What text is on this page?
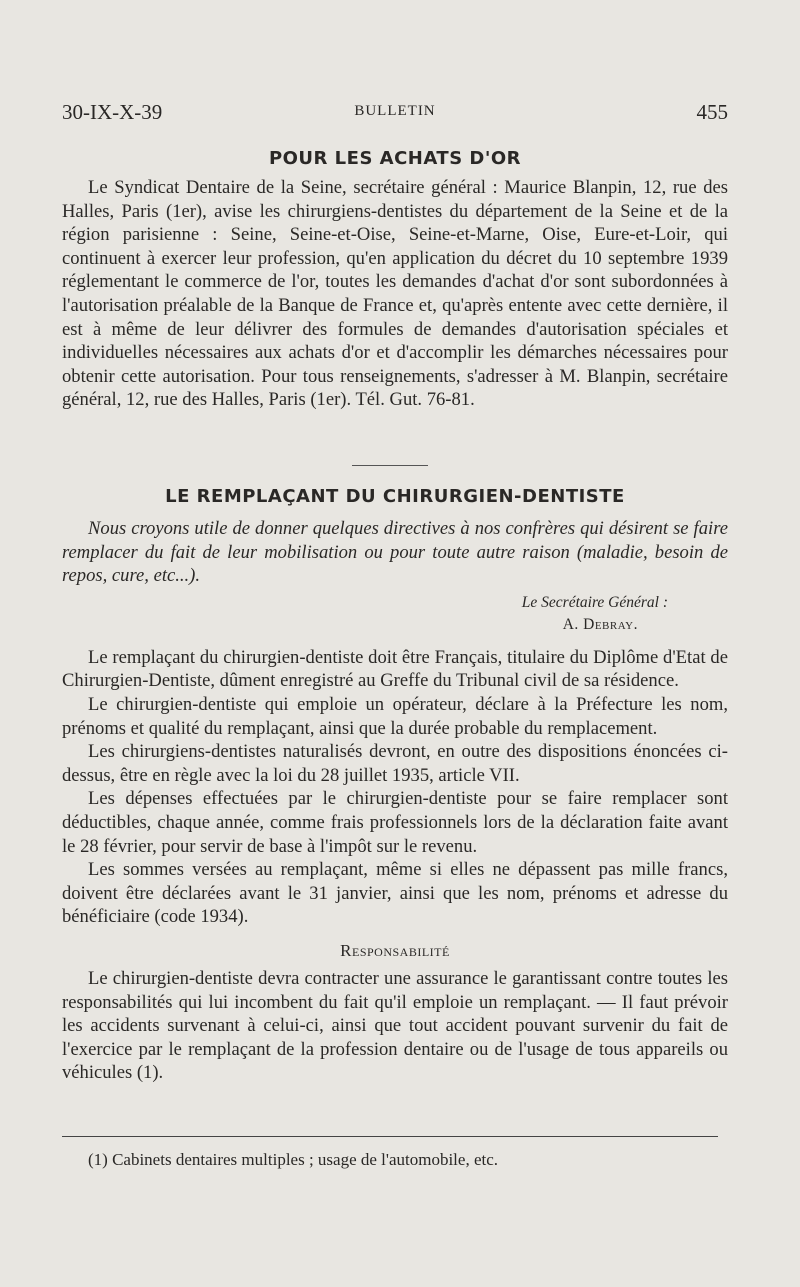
30-IX-X-39	BULLETIN	455
POUR LES ACHATS D'OR

Le Syndicat Dentaire de la Seine, secrétaire général : Maurice Blanpin, 12, rue des Halles, Paris (1er), avise les chirurgiens-dentistes du département de la Seine et de la région parisienne : Seine, Seine-et-Oise, Seine-et-Marne, Oise, Eure-et-Loir, qui continuent à exercer leur profession, qu'en application du décret du 10 septembre 1939 réglementant le commerce de l'or, toutes les demandes d'achat d'or sont subordonnées à l'autorisation préalable de la Banque de France et, qu'après entente avec cette dernière, il est à même de leur délivrer des formules de demandes d'autorisation spéciales et individuelles nécessaires aux achats d'or et d'accomplir les démarches nécessaires pour obtenir cette autorisation. Pour tous renseignements, s'adresser à M. Blanpin, secrétaire général, 12, rue des Halles, Paris (1er). Tél. Gut. 76-81.

LE REMPLAÇANT DU CHIRURGIEN-DENTISTE

Nous croyons utile de donner quelques directives à nos confrères qui désirent se faire remplacer du fait de leur mobilisation ou pour toute autre raison (maladie, besoin de repos, cure, etc...).

Le Secrétaire Général :
A. Debray.

Le remplaçant du chirurgien-dentiste doit être Français, titulaire du Diplôme d'Etat de Chirurgien-Dentiste, dûment enregistré au Greffe du Tribunal civil de sa résidence.

Le chirurgien-dentiste qui emploie un opérateur, déclare à la Préfecture les nom, prénoms et qualité du remplaçant, ainsi que la durée probable du remplacement.

Les chirurgiens-dentistes naturalisés devront, en outre des dispositions énoncées ci-dessus, être en règle avec la loi du 28 juillet 1935, article VII.

Les dépenses effectuées par le chirurgien-dentiste pour se faire remplacer sont déductibles, chaque année, comme frais professionnels lors de la déclaration faite avant le 28 février, pour servir de base à l'impôt sur le revenu.

Les sommes versées au remplaçant, même si elles ne dépassent pas mille francs, doivent être déclarées avant le 31 janvier, ainsi que les nom, prénoms et adresse du bénéficiaire (code 1934).

Responsabilité

Le chirurgien-dentiste devra contracter une assurance le garantissant contre toutes les responsabilités qui lui incombent du fait qu'il emploie un remplaçant. — Il faut prévoir les accidents survenant à celui-ci, ainsi que tout accident pouvant survenir du fait de l'exercice par le remplaçant de la profession dentaire ou de l'usage de tous appareils ou véhicules (1).

(1) Cabinets dentaires multiples ; usage de l'automobile, etc.
